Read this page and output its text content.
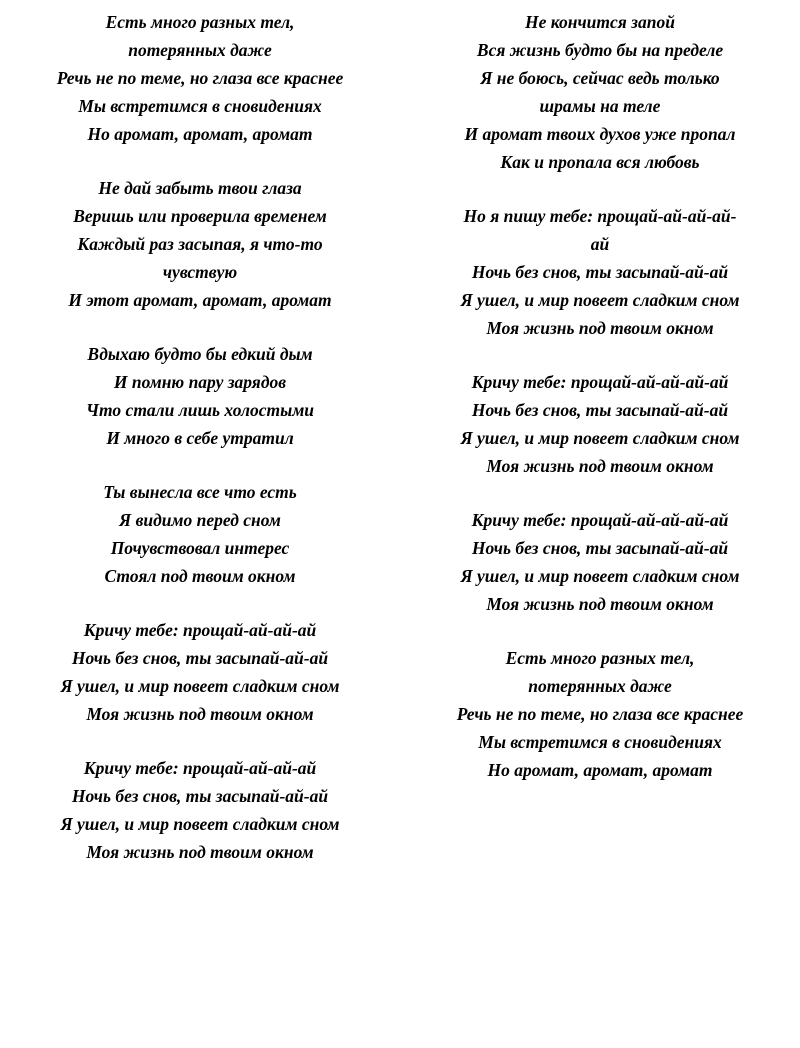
Есть много разных тел,
потерянных даже
Речь не по теме, но глаза все краснее
Мы встретимся в сновидениях
Но аромат, аромат, аромат
Не дай забыть твои глаза
Веришь или проверила временем
Каждый раз засыпая, я что-то
чувствую
И этот аромат, аромат, аромат
Вдыхаю будто бы едкий дым
И помню пару зарядов
Что стали лишь холостыми
И много в себе утратил
Ты вынесла все что есть
Я видимо перед сном
Почувствовал интерес
Стоял под твоим окном
Кричу тебе: прощай-ай-ай-ай
Ночь без снов, ты засыпай-ай-ай
Я ушел, и мир повеет сладким сном
Моя жизнь под твоим окном
Кричу тебе: прощай-ай-ай-ай
Ночь без снов, ты засыпай-ай-ай
Я ушел, и мир повеет сладким сном
Моя жизнь под твоим окном
Не кончится запой
Вся жизнь будто бы на пределе
Я не боюсь, сейчас ведь только
шрамы на теле
И аромат твоих духов уже пропал
Как и пропала вся любовь
Но я пишу тебе: прощай-ай-ай-ай-
ай
Ночь без снов, ты засыпай-ай-ай
Я ушел, и мир повеет сладким сном
Моя жизнь под твоим окном
Кричу тебе: прощай-ай-ай-ай-ай
Ночь без снов, ты засыпай-ай-ай
Я ушел, и мир повеет сладким сном
Моя жизнь под твоим окном
Кричу тебе: прощай-ай-ай-ай-ай
Ночь без снов, ты засыпай-ай-ай
Я ушел, и мир повеет сладким сном
Моя жизнь под твоим окном
Есть много разных тел,
потерянных даже
Речь не по теме, но глаза все краснее
Мы встретимся в сновидениях
Но аромат, аромат, аромат
